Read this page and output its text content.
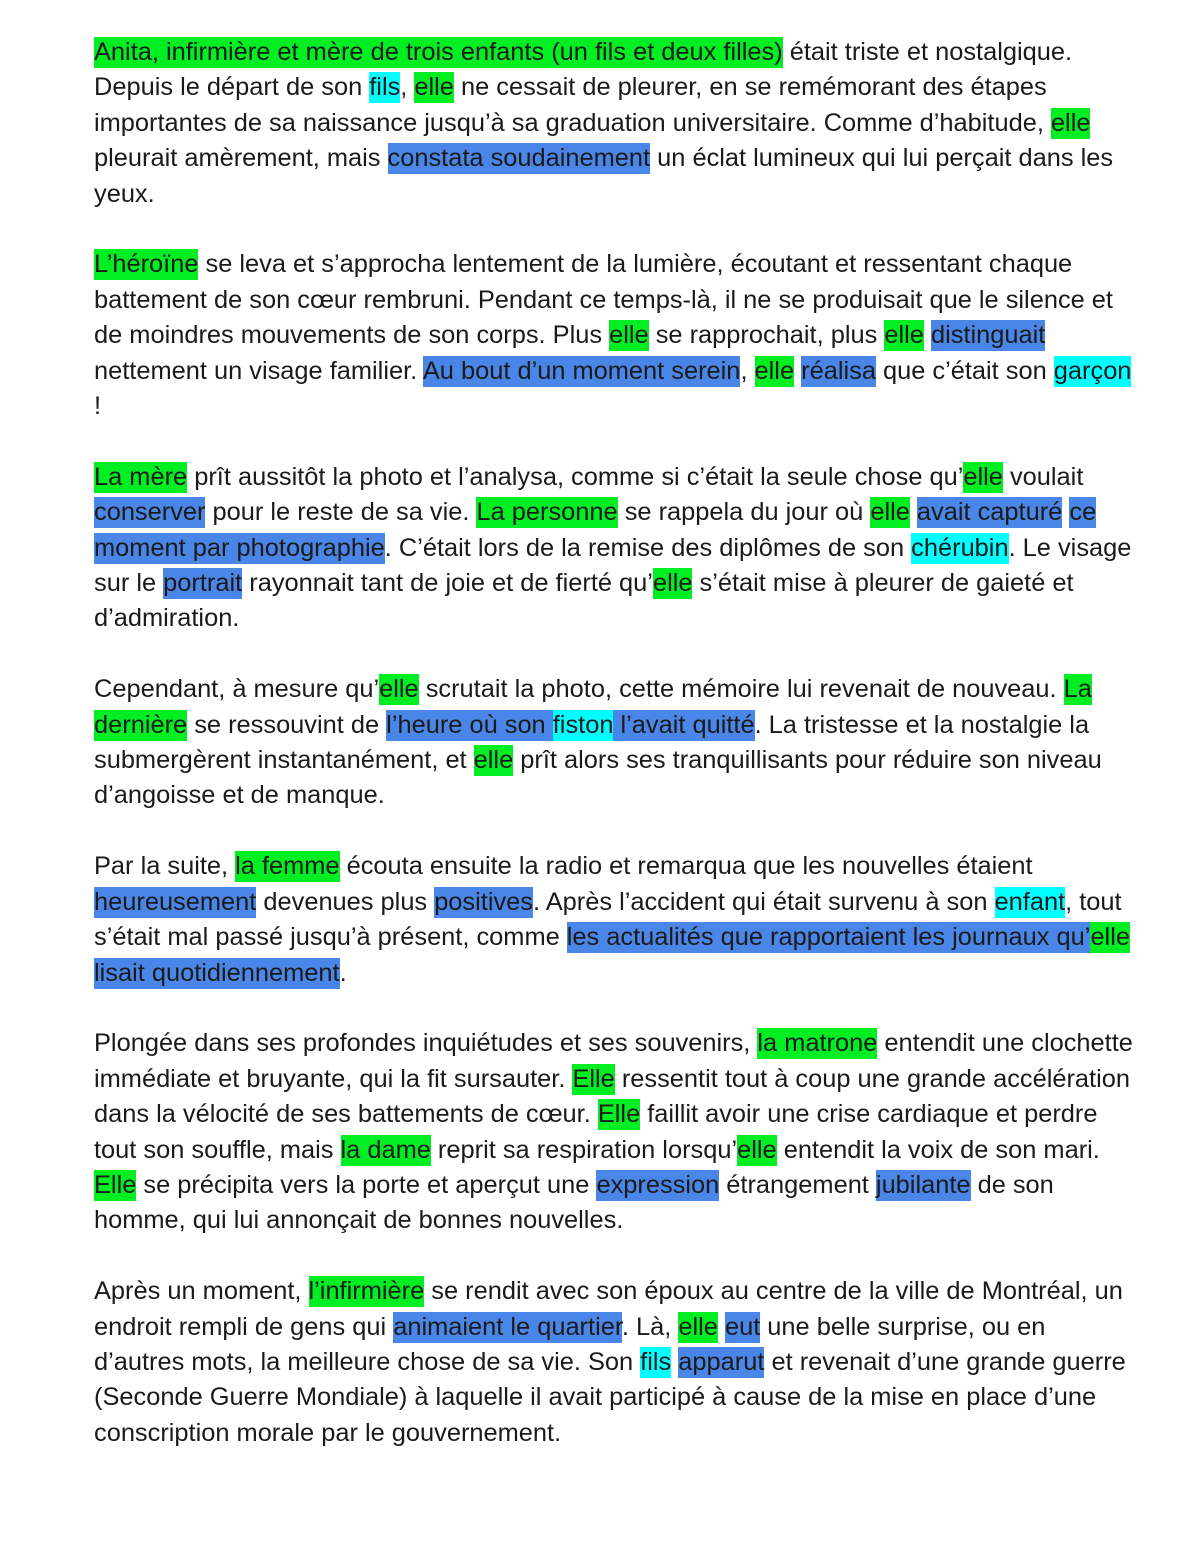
Anita, infirmière et mère de trois enfants (un fils et deux filles) était triste et nostalgique. Depuis le départ de son fils, elle ne cessait de pleurer, en se remémorant des étapes importantes de sa naissance jusqu’à sa graduation universitaire. Comme d’habitude, elle pleurait amèrement, mais constata soudainement un éclat lumineux qui lui perçait dans les yeux.

L’héroïne se leva et s’approcha lentement de la lumière, écoutant et ressentant chaque battement de son cœur rembruni. Pendant ce temps-là, il ne se produisait que le silence et de moindres mouvements de son corps. Plus elle se rapprochait, plus elle distinguait nettement un visage familier. Au bout d’un moment serein, elle réalisa que c’était son garçon !

La mère prît aussitôt la photo et l’analysa, comme si c’était la seule chose qu’elle voulait conserver pour le reste de sa vie. La personne se rappela du jour où elle avait capturé ce moment par photographie. C’était lors de la remise des diplômes de son chérubin. Le visage sur le portrait rayonnait tant de joie et de fierté qu’elle s’était mise à pleurer de gaieté et d’admiration.

Cependant, à mesure qu’elle scrutait la photo, cette mémoire lui revenait de nouveau. La dernière se ressouvint de l’heure où son fiston l’avait quitté. La tristesse et la nostalgie la submergèrent instantanément, et elle prît alors ses tranquillisants pour réduire son niveau d’angoisse et de manque.

Par la suite, la femme écouta ensuite la radio et remarqua que les nouvelles étaient heureusement devenues plus positives. Après l’accident qui était survenu à son enfant, tout s’était mal passé jusqu’à présent, comme les actualités que rapportaient les journaux qu’elle lisait quotidiennement.

Plongée dans ses profondes inquiétudes et ses souvenirs, la matrone entendit une clochette immédiate et bruyante, qui la fit sursauter. Elle ressentit tout à coup une grande accélération dans la vélocité de ses battements de cœur. Elle faillit avoir une crise cardiaque et perdre tout son souffle, mais la dame reprit sa respiration lorsqu’elle entendit la voix de son mari. Elle se précipita vers la porte et aperçut une expression étrangement jubilante de son homme, qui lui annonçait de bonnes nouvelles.

Après un moment, l’infirmière se rendit avec son époux au centre de la ville de Montréal, un endroit rempli de gens qui animaient le quartier. Là, elle eut une belle surprise, ou en d’autres mots, la meilleure chose de sa vie. Son fils apparut et revenait d’une grande guerre (Seconde Guerre Mondiale) à laquelle il avait participé à cause de la mise en place d’une conscription morale par le gouvernement.
